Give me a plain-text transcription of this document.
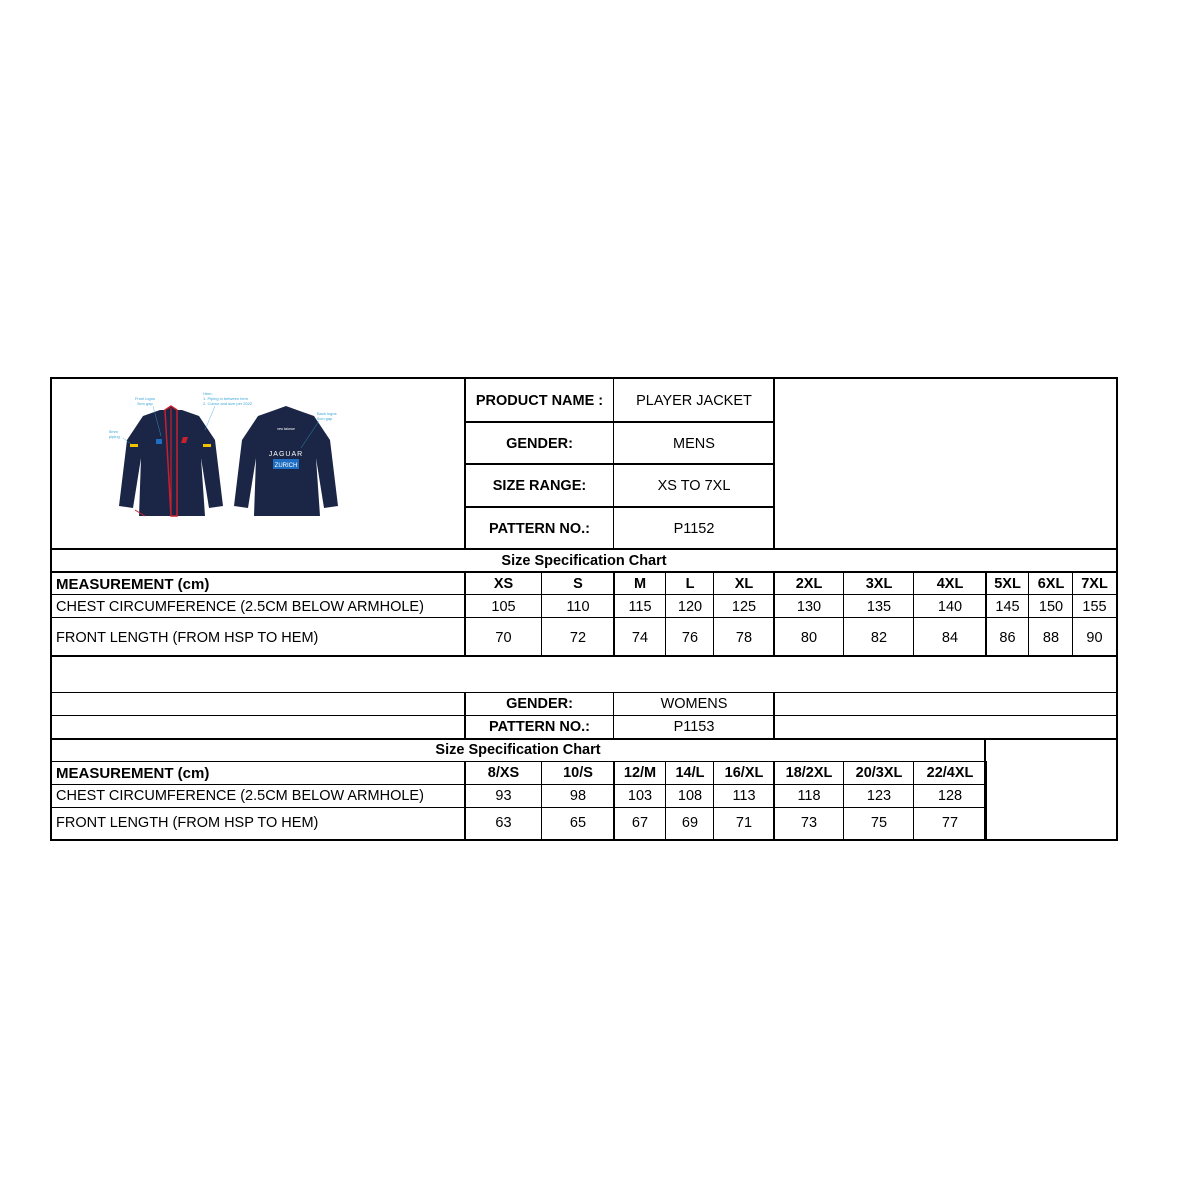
new balance
JAGUAR
ZURICH
Front logos
5cm gap
5mm
piping
Hem:
1. Piping in between hem
2. Colour and size per 2022
Back logos
5cm gap
PRODUCT NAME :	PLAYER JACKET
GENDER:	MENS
SIZE RANGE:	XS TO 7XL
PATTERN NO.:	P1152
Size Specification Chart
MEASUREMENT (cm)	XS	S	M	L	XL	2XL	3XL	4XL	5XL	6XL	7XL
CHEST CIRCUMFERENCE (2.5CM BELOW ARMHOLE)	105	110	115	120	125	130	135	140	145	150	155
FRONT LENGTH (FROM HSP TO HEM)	70	72	74	76	78	80	82	84	86	88	90
GENDER:	WOMENS
PATTERN NO.:	P1153
Size Specification Chart
MEASUREMENT (cm)	8/XS	10/S	12/M	14/L	16/XL	18/2XL	20/3XL	22/4XL
CHEST CIRCUMFERENCE (2.5CM BELOW ARMHOLE)	93	98	103	108	113	118	123	128
FRONT LENGTH (FROM HSP TO HEM)	63	65	67	69	71	73	75	77
